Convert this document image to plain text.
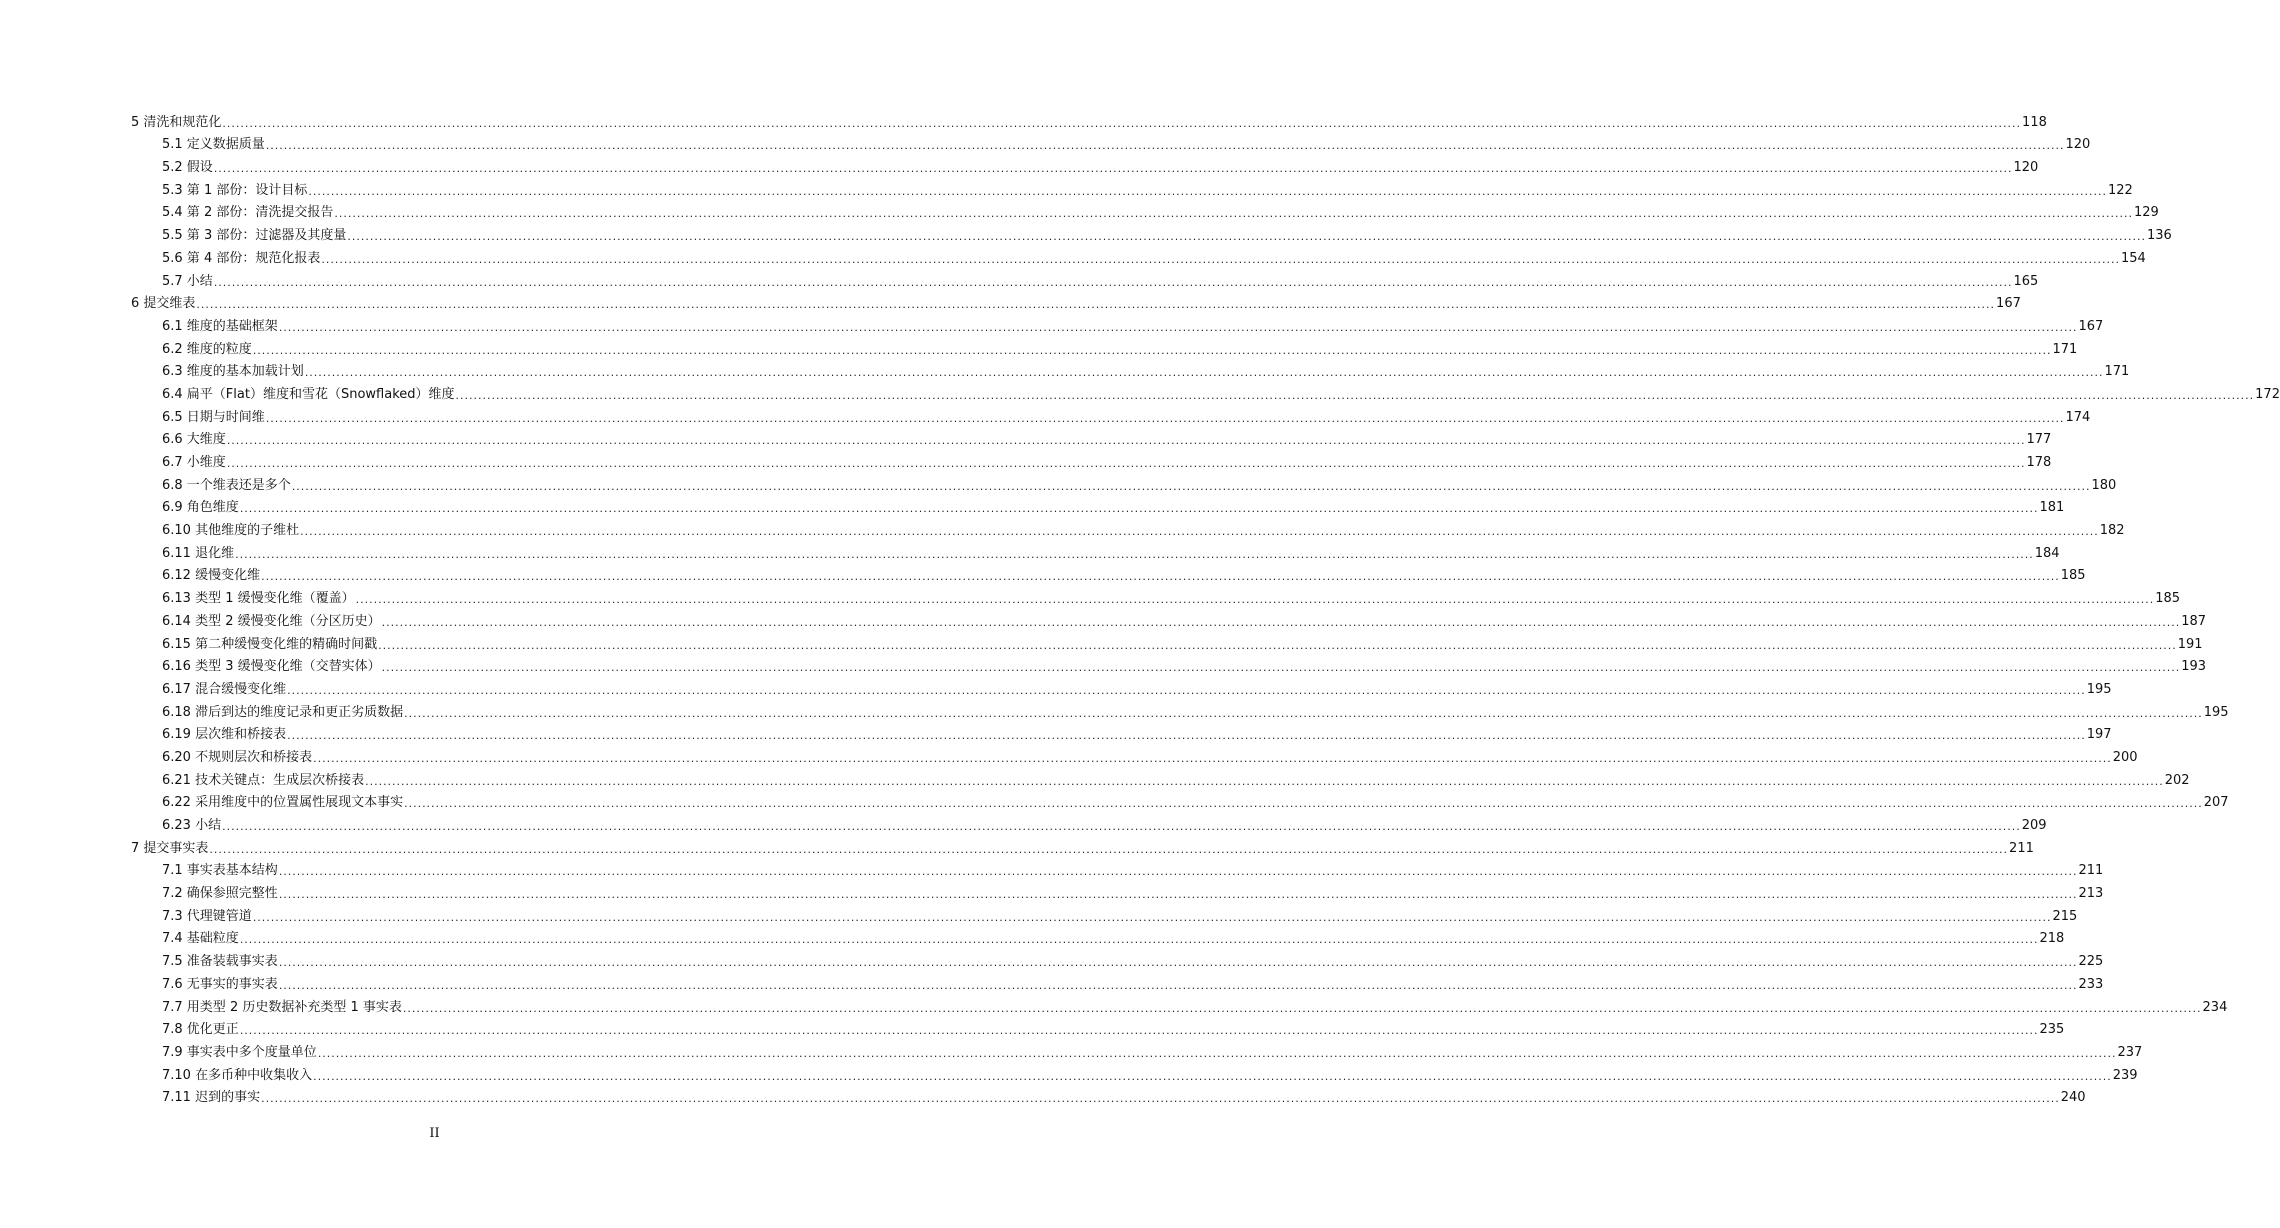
5 清洗和规范化 ................................................................................................................................................................................................................................................................................................................................................................................................................ 118
5.1 定义数据质量 ................................................................................................................................................................................................................................................................................................................................................................................................................ 120
5.2 假设 ................................................................................................................................................................................................................................................................................................................................................................................................................ 120
5.3 第 1 部份：设计目标 ................................................................................................................................................................................................................................................................................................................................................................................................................ 122
5.4 第 2 部份：清洗提交报告 ................................................................................................................................................................................................................................................................................................................................................................................................................ 129
5.5 第 3 部份：过滤器及其度量 ................................................................................................................................................................................................................................................................................................................................................................................................................ 136
5.6 第 4 部份：规范化报表 ................................................................................................................................................................................................................................................................................................................................................................................................................ 154
5.7 小结 ................................................................................................................................................................................................................................................................................................................................................................................................................ 165
6 提交维表 ................................................................................................................................................................................................................................................................................................................................................................................................................ 167
6.1 维度的基础框架 ................................................................................................................................................................................................................................................................................................................................................................................................................ 167
6.2 维度的粒度 ................................................................................................................................................................................................................................................................................................................................................................................................................ 171
6.3 维度的基本加载计划 ................................................................................................................................................................................................................................................................................................................................................................................................................ 171
6.4 扁平（Flat）维度和雪花（Snowflaked）维度 ................................................................................................................................................................................................................................................................................................................................................................................................................ 172
6.5 日期与时间维 ................................................................................................................................................................................................................................................................................................................................................................................................................ 174
6.6 大维度 ................................................................................................................................................................................................................................................................................................................................................................................................................ 177
6.7 小维度 ................................................................................................................................................................................................................................................................................................................................................................................................................ 178
6.8 一个维表还是多个 ................................................................................................................................................................................................................................................................................................................................................................................................................ 180
6.9 角色维度 ................................................................................................................................................................................................................................................................................................................................................................................................................ 181
6.10 其他维度的子维杜 ................................................................................................................................................................................................................................................................................................................................................................................................................ 182
6.11 退化维 ................................................................................................................................................................................................................................................................................................................................................................................................................ 184
6.12 缓慢变化维 ................................................................................................................................................................................................................................................................................................................................................................................................................ 185
6.13 类型 1 缓慢变化维（覆盖） ................................................................................................................................................................................................................................................................................................................................................................................................................ 185
6.14 类型 2 缓慢变化维（分区历史） ................................................................................................................................................................................................................................................................................................................................................................................................................ 187
6.15 第二种缓慢变化维的精确时间戳 ................................................................................................................................................................................................................................................................................................................................................................................................................ 191
6.16 类型 3 缓慢变化维（交替实体） ................................................................................................................................................................................................................................................................................................................................................................................................................ 193
6.17 混合缓慢变化维 ................................................................................................................................................................................................................................................................................................................................................................................................................ 195
6.18 滞后到达的维度记录和更正劣质数据 ................................................................................................................................................................................................................................................................................................................................................................................................................ 195
6.19 层次维和桥接表 ................................................................................................................................................................................................................................................................................................................................................................................................................ 197
6.20 不规则层次和桥接表 ................................................................................................................................................................................................................................................................................................................................................................................................................ 200
6.21 技术关键点：生成层次桥接表 ................................................................................................................................................................................................................................................................................................................................................................................................................ 202
6.22 采用维度中的位置属性展现文本事实 ................................................................................................................................................................................................................................................................................................................................................................................................................ 207
6.23 小结 ................................................................................................................................................................................................................................................................................................................................................................................................................ 209
7 提交事实表 ................................................................................................................................................................................................................................................................................................................................................................................................................ 211
7.1 事实表基本结构 ................................................................................................................................................................................................................................................................................................................................................................................................................ 211
7.2 确保参照完整性 ................................................................................................................................................................................................................................................................................................................................................................................................................ 213
7.3 代理键管道 ................................................................................................................................................................................................................................................................................................................................................................................................................ 215
7.4 基础粒度 ................................................................................................................................................................................................................................................................................................................................................................................................................ 218
7.5 准备装载事实表 ................................................................................................................................................................................................................................................................................................................................................................................................................ 225
7.6 无事实的事实表 ................................................................................................................................................................................................................................................................................................................................................................................................................ 233
7.7 用类型 2 历史数据补充类型 1 事实表 ................................................................................................................................................................................................................................................................................................................................................................................................................ 234
7.8 优化更正 ................................................................................................................................................................................................................................................................................................................................................................................................................ 235
7.9 事实表中多个度量单位 ................................................................................................................................................................................................................................................................................................................................................................................................................ 237
7.10 在多币种中收集收入 ................................................................................................................................................................................................................................................................................................................................................................................................................ 239
7.11 迟到的事实 ................................................................................................................................................................................................................................................................................................................................................................................................................ 240
II
